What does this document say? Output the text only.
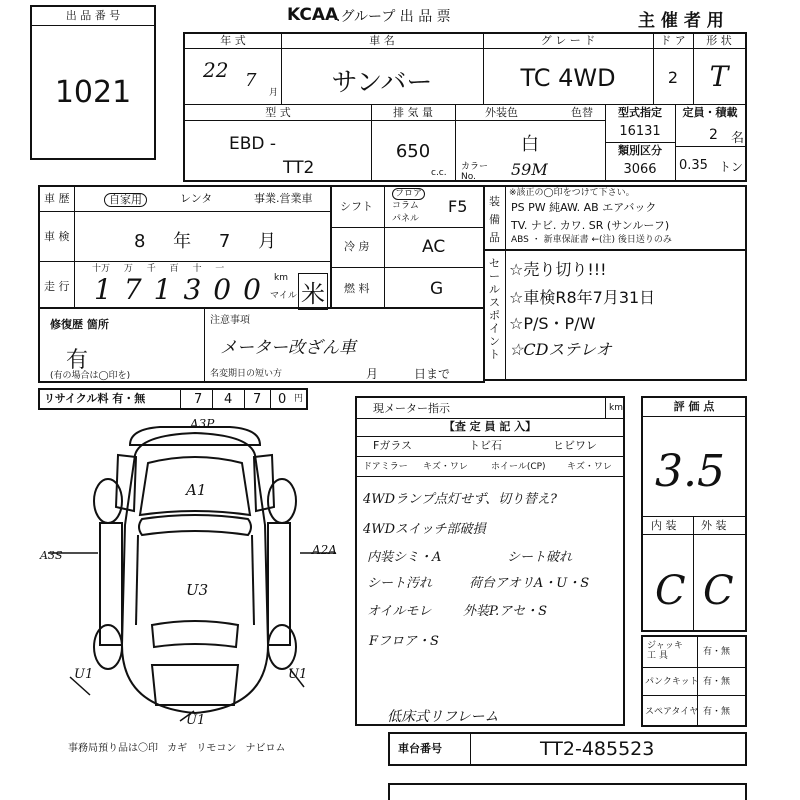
出 品 番 号
1021
KCAA
.グループ 出 品 票	主 催 者 用
年 式	車 名	グ レ ー ド	ド ア	形 状
22 7
月	サンバー	TC 4WD	2	T
型 式
EBD -
TT2
排 気 量
650
c.c.
外装色	色替
白
カラー No.	59M
型式指定
16131
類別区分
3066
定員・積載
2 名
0.35 トン
車 歴	自家用	レンタ	事業.営業車
車 検	8 年 7 月
走 行
十万 万 千 百 十 一
171300 km
マイル 米
シフト
フロア
コラム
パネル
F5
冷 房	AC
燃 料	G
装 備 品
※該正の◯印をつけて下さい。
PS PW 純AW. AB エアバック
TV. ナビ. カワ. SR (サンルーフ)
ABS ・ 新車保証書 ←(注) 後日送りのみ
セールスポイント
☆売り切り!!!
☆車検R8年7月31日
☆P/S・P/W
☆CDステレオ
修復歴 箇所
有
(有の場合は◯印を)
注意事項
メーター改ざん車
名変期日の短い方	月	日まで
リサイクル料 有・無	7 4 7 0 円
A3P
A1
U3
A2A
U1	U1
U1
A3S
事務局預り品は〇印 カギ リモコン ナビロム
現メーター指示	km
【査 定 員 記 入】
Fガラス	トビ石	ヒビワレ
ドアミラー キズ・ワレ	ホイール(CP) キズ・ワレ
4WDランプ点灯せず、切り替え?
4WDスイッチ部破損
内装シミ・A	シート破れ
シート汚れ	荷台アオリA・U・S
オイルモレ 外装P.アセ・S
Fフロア・S
低床式リフレーム
評 価 点
3.5
内 装 外 装
C C
ジャッキ 工 具	有・無
パンクキット 有・無
スペアタイヤ 有・無
車台番号	TT2-485523
